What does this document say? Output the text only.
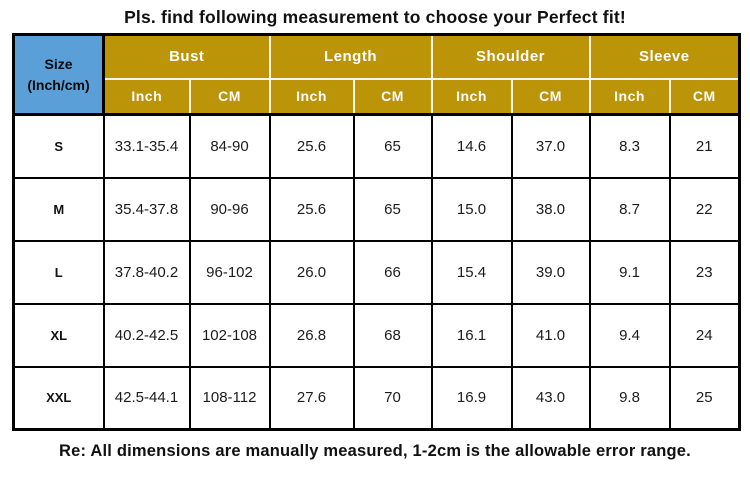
Pls. find following measurement to choose your Perfect fit!
Size
(Inch/cm)	Bust		Length		Shoulder		Sleeve	
	Inch	CM	Inch	CM	Inch	CM	Inch	CM
S	33.1-35.4	84-90	25.6	65	14.6	37.0	8.3	21
M	35.4-37.8	90-96	25.6	65	15.0	38.0	8.7	22
L	37.8-40.2	96-102	26.0	66	15.4	39.0	9.1	23
XL	40.2-42.5	102-108	26.8	68	16.1	41.0	9.4	24
XXL	42.5-44.1	108-112	27.6	70	16.9	43.0	9.8	25
Re: All dimensions are manually measured, 1-2cm is the allowable error range.
